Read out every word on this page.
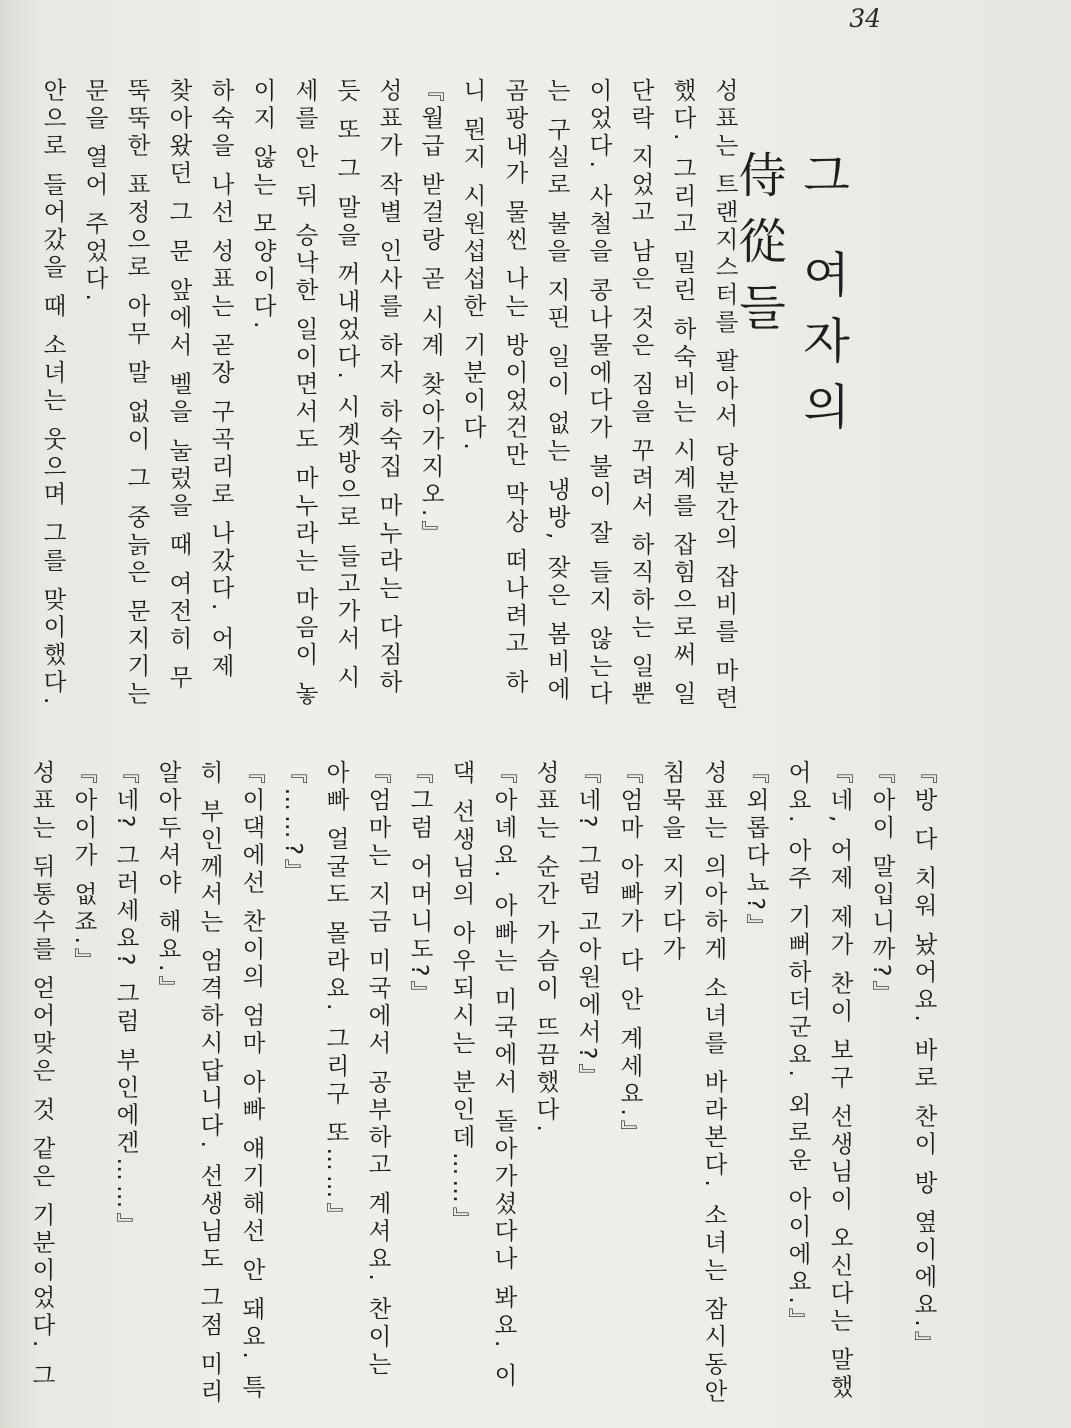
34
그 여자의 侍從들

성표는 트랜지스터를 팔아서 당분간의 잡비를 마련했다. 그리고 밀린 하숙비는 시계를 잡힘으로써 일단락 지었고 남은 것은 짐을 꾸려서 하직하는 일뿐이었다. 사철을 콩나물에다가 불이 잘 들지 않는다는 구실로 불을 지핀 일이 없는 냉방, 잦은 봄비에 곰팡내가 물씬 나는 방이었건만 막상 떠나려고 하니 뭔지 시원섭섭한 기분이다.

『월급 받걸랑 곧 시계 찾아가지오.』

성표가 작별 인사를 하자 하숙집 마누라는 다짐하듯 또 그 말을 꺼내었다. 시곗방으로 들고가서 시세를 안 뒤 승낙한 일이면서도 마누라는 마음이 놓이지 않는 모양이다.

하숙을 나선 성표는 곧장 구곡리로 나갔다. 어제 찾아왔던 그 문 앞에서 벨을 눌렀을 때 여전히 무뚝뚝한 표정으로 아무 말 없이 그 중늙은 문지기는 문을 열어 주었다.

안으로 들어갔을 때 소녀는 웃으며 그를 맞이했다.

『방 다 치워 놨어요. 바로 찬이 방 옆이에요.』

『아이 말입니까?』

『네, 어제 제가 찬이 보구 선생님이 오신다는 말했어요. 아주 기뻐하더군요. 외로운 아이에요.』

『외롭다뇨?』

성표는 의아하게 소녀를 바라본다. 소녀는 잠시동안 침묵을 지키다가

『엄마 아빠가 다 안 계세요.』

『네? 그럼 고아원에서?』

성표는 순간 가슴이 뜨끔했다.

『아녜요. 아빠는 미국에서 돌아가셨다나 봐요. 이댁 선생님의 아우되시는 분인데……』

『그럼 어머니도?』

『엄마는 지금 미국에서 공부하고 계셔요. 찬이는 아빠 얼굴도 몰라요. 그리구 또……』

『……?』

『이댁에선 찬이의 엄마 아빠 얘기해선 안 돼요. 특히 부인께서는 엄격하시답니다. 선생님도 그점 미리 알아두셔야 해요.』

『네? 그러세요? 그럼 부인에겐……』

『아이가 없죠.』

성표는 뒤통수를 얻어맞은 것 같은 기분이었다. 그
